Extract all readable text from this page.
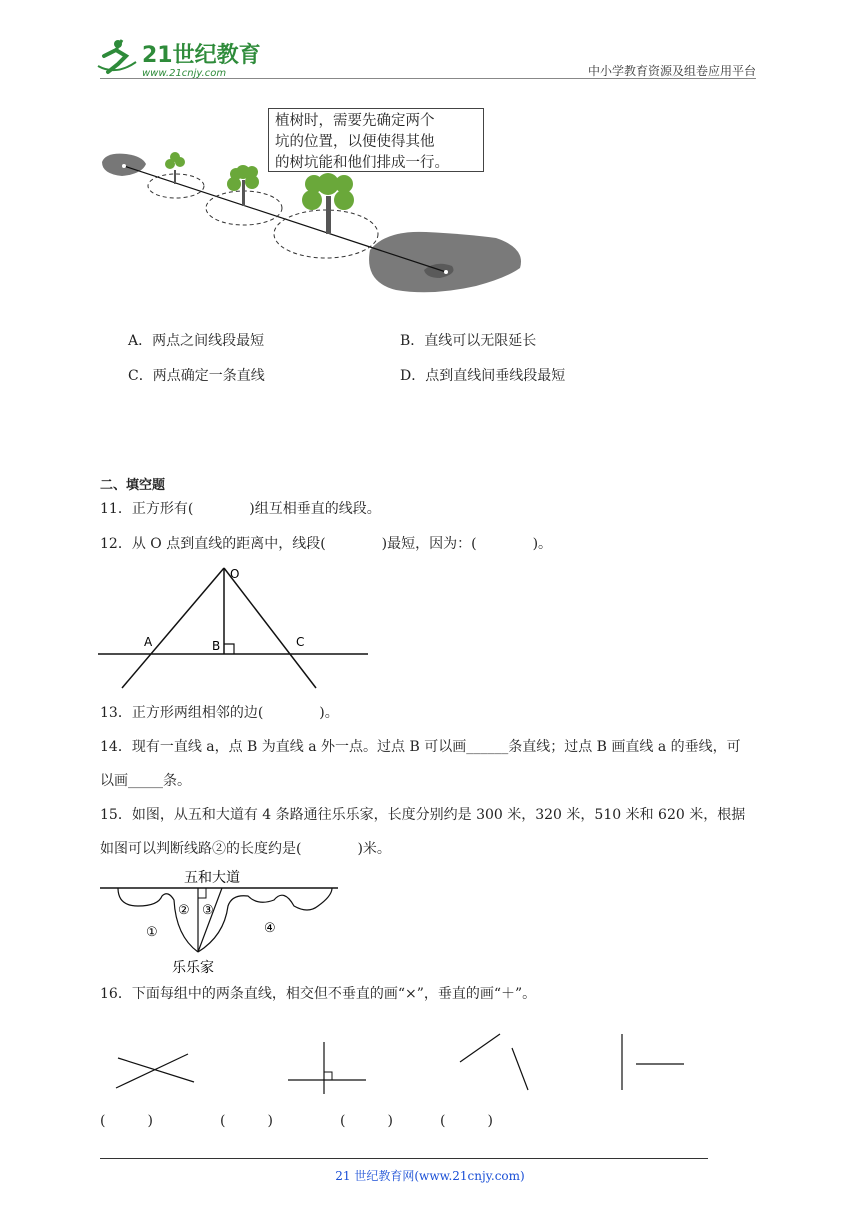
21世纪教育
www.21cnjy.com	中小学教育资源及组卷应用平台
植树时，需要先确定两个
坑的位置，以便使得其他
的树坑能和他们排成一行。
A．两点之间线段最短	B．直线可以无限延长
C．两点确定一条直线	D．点到直线间垂线段最短
二、填空题
11．正方形有(　　　　)组互相垂直的线段。
12．从 O 点到直线的距离中，线段(　　　　)最短，因为：(　　　　)。
O
A	B	C
13．正方形两组相邻的边(　　　　)。
14．现有一直线 a，点 B 为直线 a 外一点。过点 B 可以画______条直线；过点 B 画直线 a 的垂线，可
以画_____条。
15．如图，从五和大道有 4 条路通往乐乐家，长度分别约是 300 米，320 米，510 米和 620 米，根据
如图可以判断线路②的长度约是(　　　　)米。
五和大道
①
② ③
④
乐乐家
16．下面每组中的两条直线，相交但不垂直的画“×”，垂直的画“＋”。
(　　　)	(　　　)	(　　　)	(　　　)
21 世纪教育网(www.21cnjy.com)
